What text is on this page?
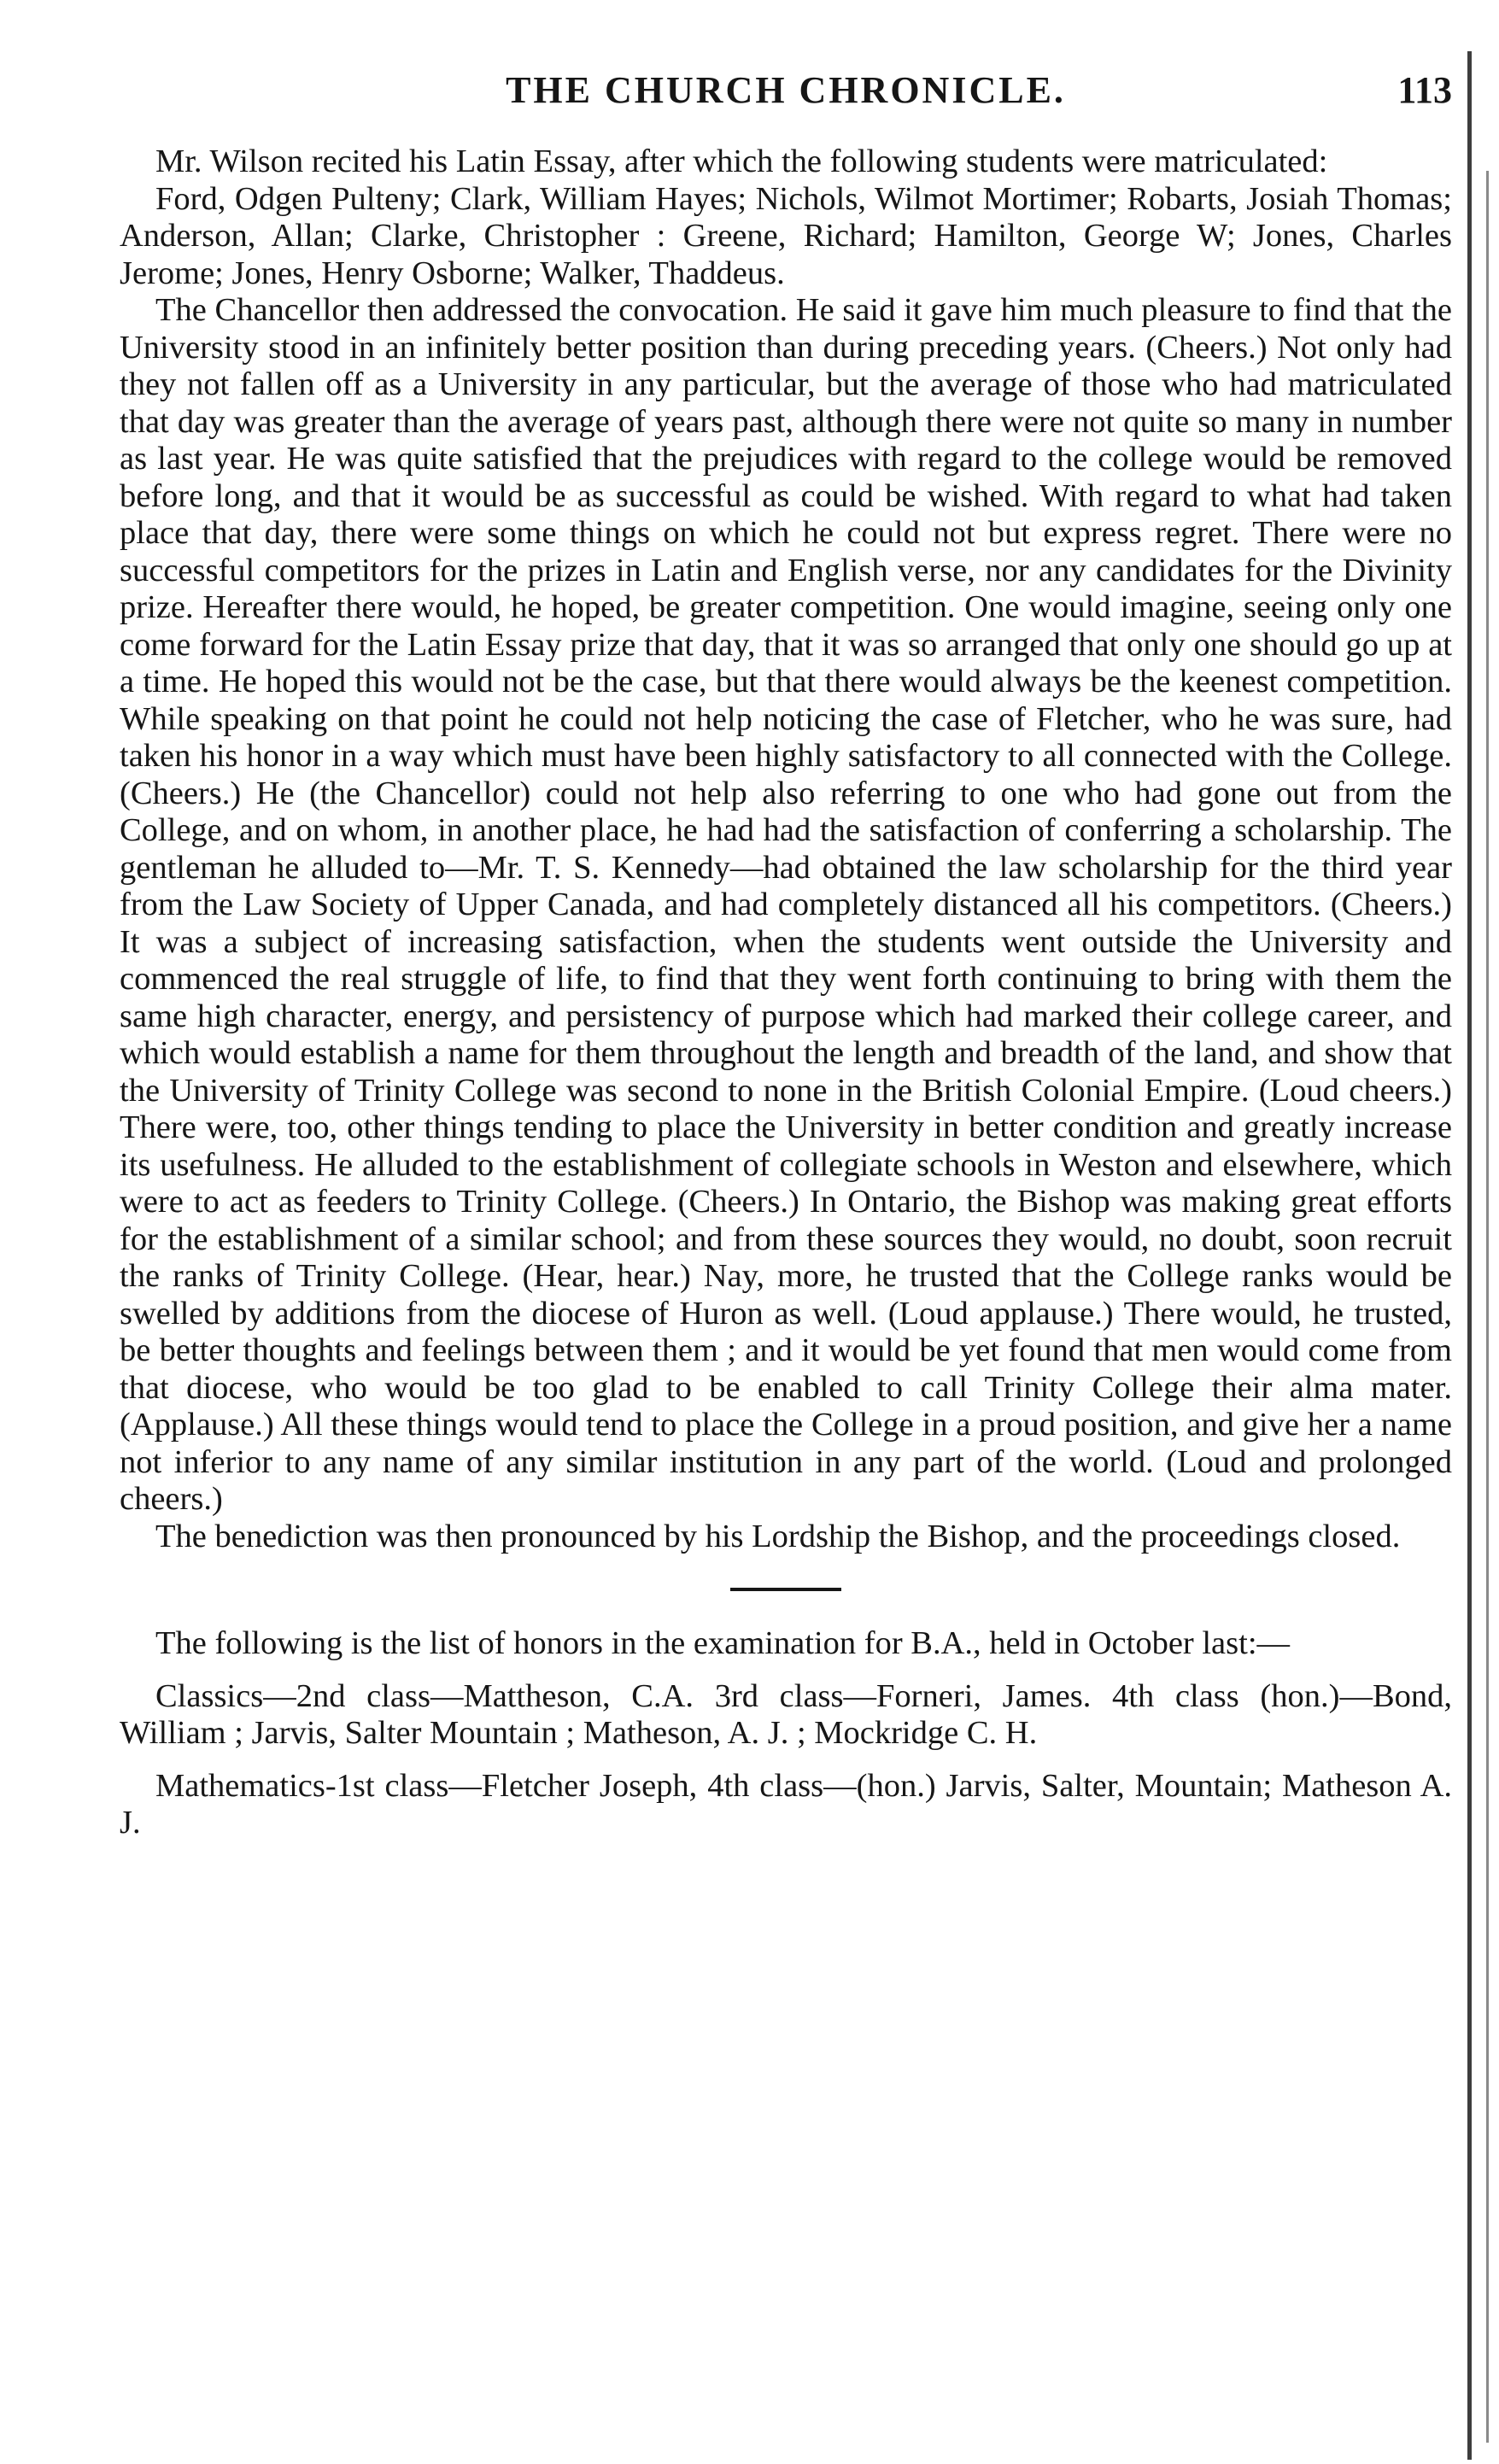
THE CHURCH CHRONICLE.	113

Mr. Wilson recited his Latin Essay, after which the following students were matriculated:

Ford, Odgen Pulteny; Clark, William Hayes; Nichols, Wilmot Mortimer; Robarts, Josiah Thomas; Anderson, Allan; Clarke, Christopher : Greene, Richard; Hamilton, George W; Jones, Charles Jerome; Jones, Henry Osborne; Walker, Thaddeus.

The Chancellor then addressed the convocation. He said it gave him much pleasure to find that the University stood in an infinitely better position than during preceding years. (Cheers.) Not only had they not fallen off as a University in any particular, but the average of those who had matriculated that day was greater than the average of years past, although there were not quite so many in number as last year. He was quite satisfied that the prejudices with regard to the college would be removed before long, and that it would be as successful as could be wished. With regard to what had taken place that day, there were some things on which he could not but express regret. There were no successful competitors for the prizes in Latin and English verse, nor any candidates for the Divinity prize. Hereafter there would, he hoped, be greater competition. One would imagine, seeing only one come forward for the Latin Essay prize that day, that it was so arranged that only one should go up at a time. He hoped this would not be the case, but that there would always be the keenest competition. While speaking on that point he could not help noticing the case of Fletcher, who he was sure, had taken his honor in a way which must have been highly satisfactory to all connected with the College. (Cheers.) He (the Chancellor) could not help also referring to one who had gone out from the College, and on whom, in another place, he had had the satisfaction of conferring a scholarship. The gentleman he alluded to—Mr. T. S. Kennedy—had obtained the law scholarship for the third year from the Law Society of Upper Canada, and had completely distanced all his competitors. (Cheers.) It was a subject of increasing satisfaction, when the students went outside the University and commenced the real struggle of life, to find that they went forth continuing to bring with them the same high character, energy, and persistency of purpose which had marked their college career, and which would establish a name for them throughout the length and breadth of the land, and show that the University of Trinity College was second to none in the British Colonial Empire. (Loud cheers.) There were, too, other things tending to place the University in better condition and greatly increase its usefulness. He alluded to the establishment of collegiate schools in Weston and elsewhere, which were to act as feeders to Trinity College. (Cheers.) In Ontario, the Bishop was making great efforts for the establishment of a similar school; and from these sources they would, no doubt, soon recruit the ranks of Trinity College. (Hear, hear.) Nay, more, he trusted that the College ranks would be swelled by additions from the diocese of Huron as well. (Loud applause.) There would, he trusted, be better thoughts and feelings between them ; and it would be yet found that men would come from that diocese, who would be too glad to be enabled to call Trinity College their alma mater. (Applause.) All these things would tend to place the College in a proud position, and give her a name not inferior to any name of any similar institution in any part of the world. (Loud and prolonged cheers.)

The benediction was then pronounced by his Lordship the Bishop, and the proceedings closed.

The following is the list of honors in the examination for B.A., held in October last:—

Classics—2nd class—Mattheson, C.A. 3rd class—Forneri, James. 4th class (hon.)—Bond, William ; Jarvis, Salter Mountain ; Matheson, A. J. ; Mockridge C. H.

Mathematics-1st class—Fletcher Joseph, 4th class—(hon.) Jarvis, Salter, Mountain; Matheson A. J.
